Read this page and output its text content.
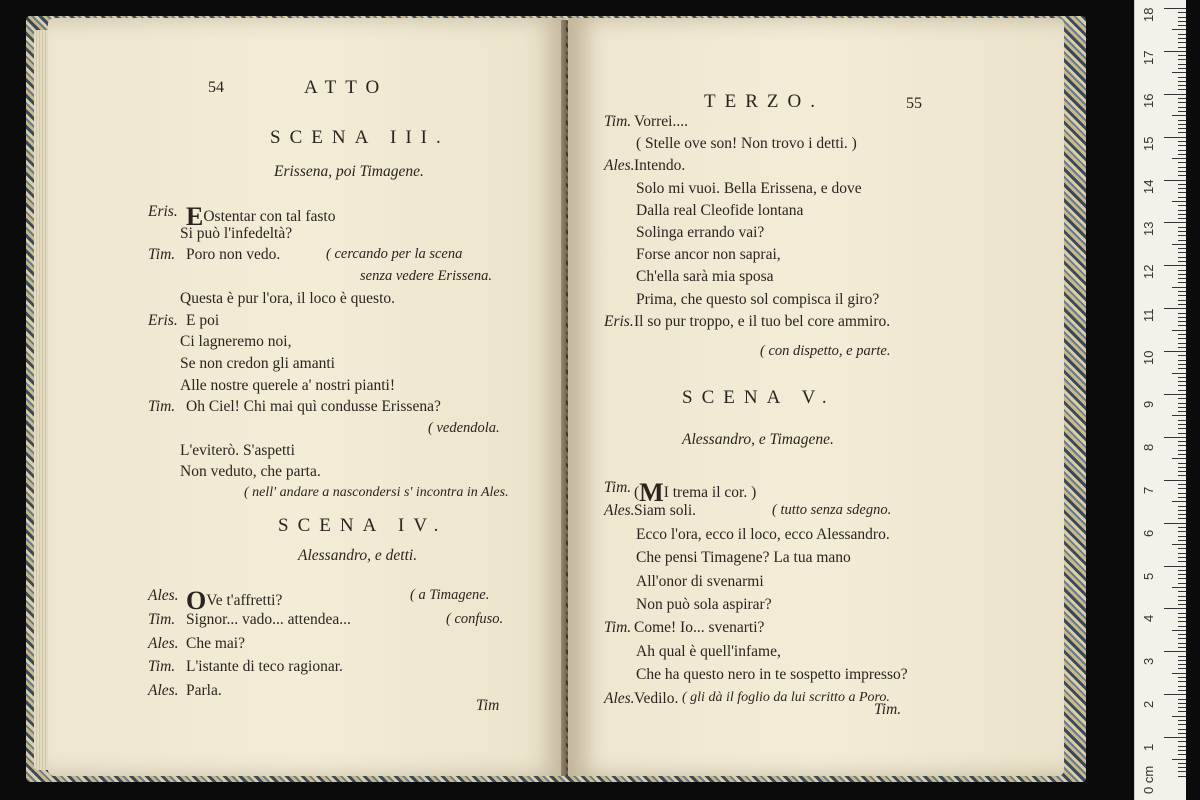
54	ATTO
SCENA III.
Erissena, poi Timagene.
Eris. EOstentar con tal fasto
Si può l'infedeltà?
Tim. Poro non vedo.	( cercando per la scena
senza vedere Erissena.
Questa è pur l'ora, il loco è questo.
Eris. E poi
Ci lagneremo noi,
Se non credon gli amanti
Alle nostre querele a' nostri pianti!
Tim. Oh Ciel! Chi mai quì condusse Erissena?
( vedendola.
L'eviterò. S'aspetti
Non veduto, che parta.
( nell' andare a nascondersi s' incontra in Ales.
SCENA IV.
Alessandro, e detti.
Ales. OVe t'affretti?	( a Timagene.
Tim. Signor... vado... attendea...	( confuso.
Ales. Che mai?
Tim. L'istante di teco ragionar.
Ales. Parla.
Tim
TERZO.	55
Tim. Vorrei....
( Stelle ove son! Non trovo i detti. )
Ales. Intendo.
Solo mi vuoi. Bella Erissena, e dove
Dalla real Cleofide lontana
Solinga errando vai?
Forse ancor non saprai,
Ch'ella sarà mia sposa
Prima, che questo sol compisca il giro?
Eris. Il so pur troppo, e il tuo bel core ammiro.
( con dispetto, e parte.
SCENA V.
Alessandro, e Timagene.
Tim. (MI trema il cor. )
Ales. Siam soli.	( tutto senza sdegno.
Ecco l'ora, ecco il loco, ecco Alessandro.
Che pensi Timagene? La tua mano
All'onor di svenarmi
Non può sola aspirar?
Tim. Come! Io... svenarti?
Ah qual è quell'infame,
Che ha questo nero in te sospetto impresso?
Ales. Vedilo. ( gli dà il foglio da lui scritto a Poro.
Tim.
18
17
16
15
14
13
12
11
10
9
8
7
6
5
4
3
2
1
0 cm
